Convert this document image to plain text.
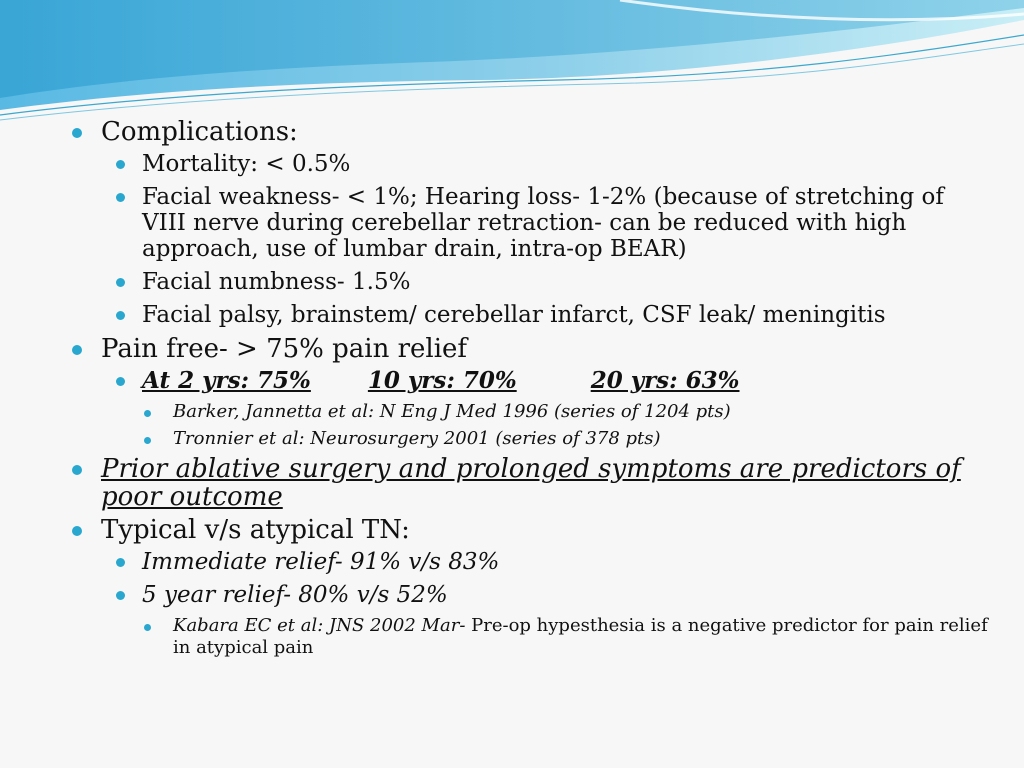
Complications:
Mortality: < 0.5%
Facial weakness- < 1%; Hearing loss- 1-2% (because of stretching of VIII nerve during cerebellar retraction- can be reduced with high approach, use of lumbar drain, intra-op BEAR)
Facial numbness- 1.5%
Facial palsy, brainstem/ cerebellar infarct, CSF leak/ meningitis
Pain free- > 75% pain relief
At 2 yrs: 75% 10 yrs: 70%	20 yrs: 63%
Barker, Jannetta et al: N Eng J Med 1996 (series of 1204 pts)
Tronnier et al: Neurosurgery 2001 (series of 378 pts)
Prior ablative surgery and prolonged symptoms are predictors of poor outcome
Typical v/s atypical TN:
Immediate relief- 91% v/s 83%
5 year relief- 80% v/s 52%
Kabara EC et al: JNS 2002 Mar- Pre-op hypesthesia is a negative predictor for pain relief in atypical pain
